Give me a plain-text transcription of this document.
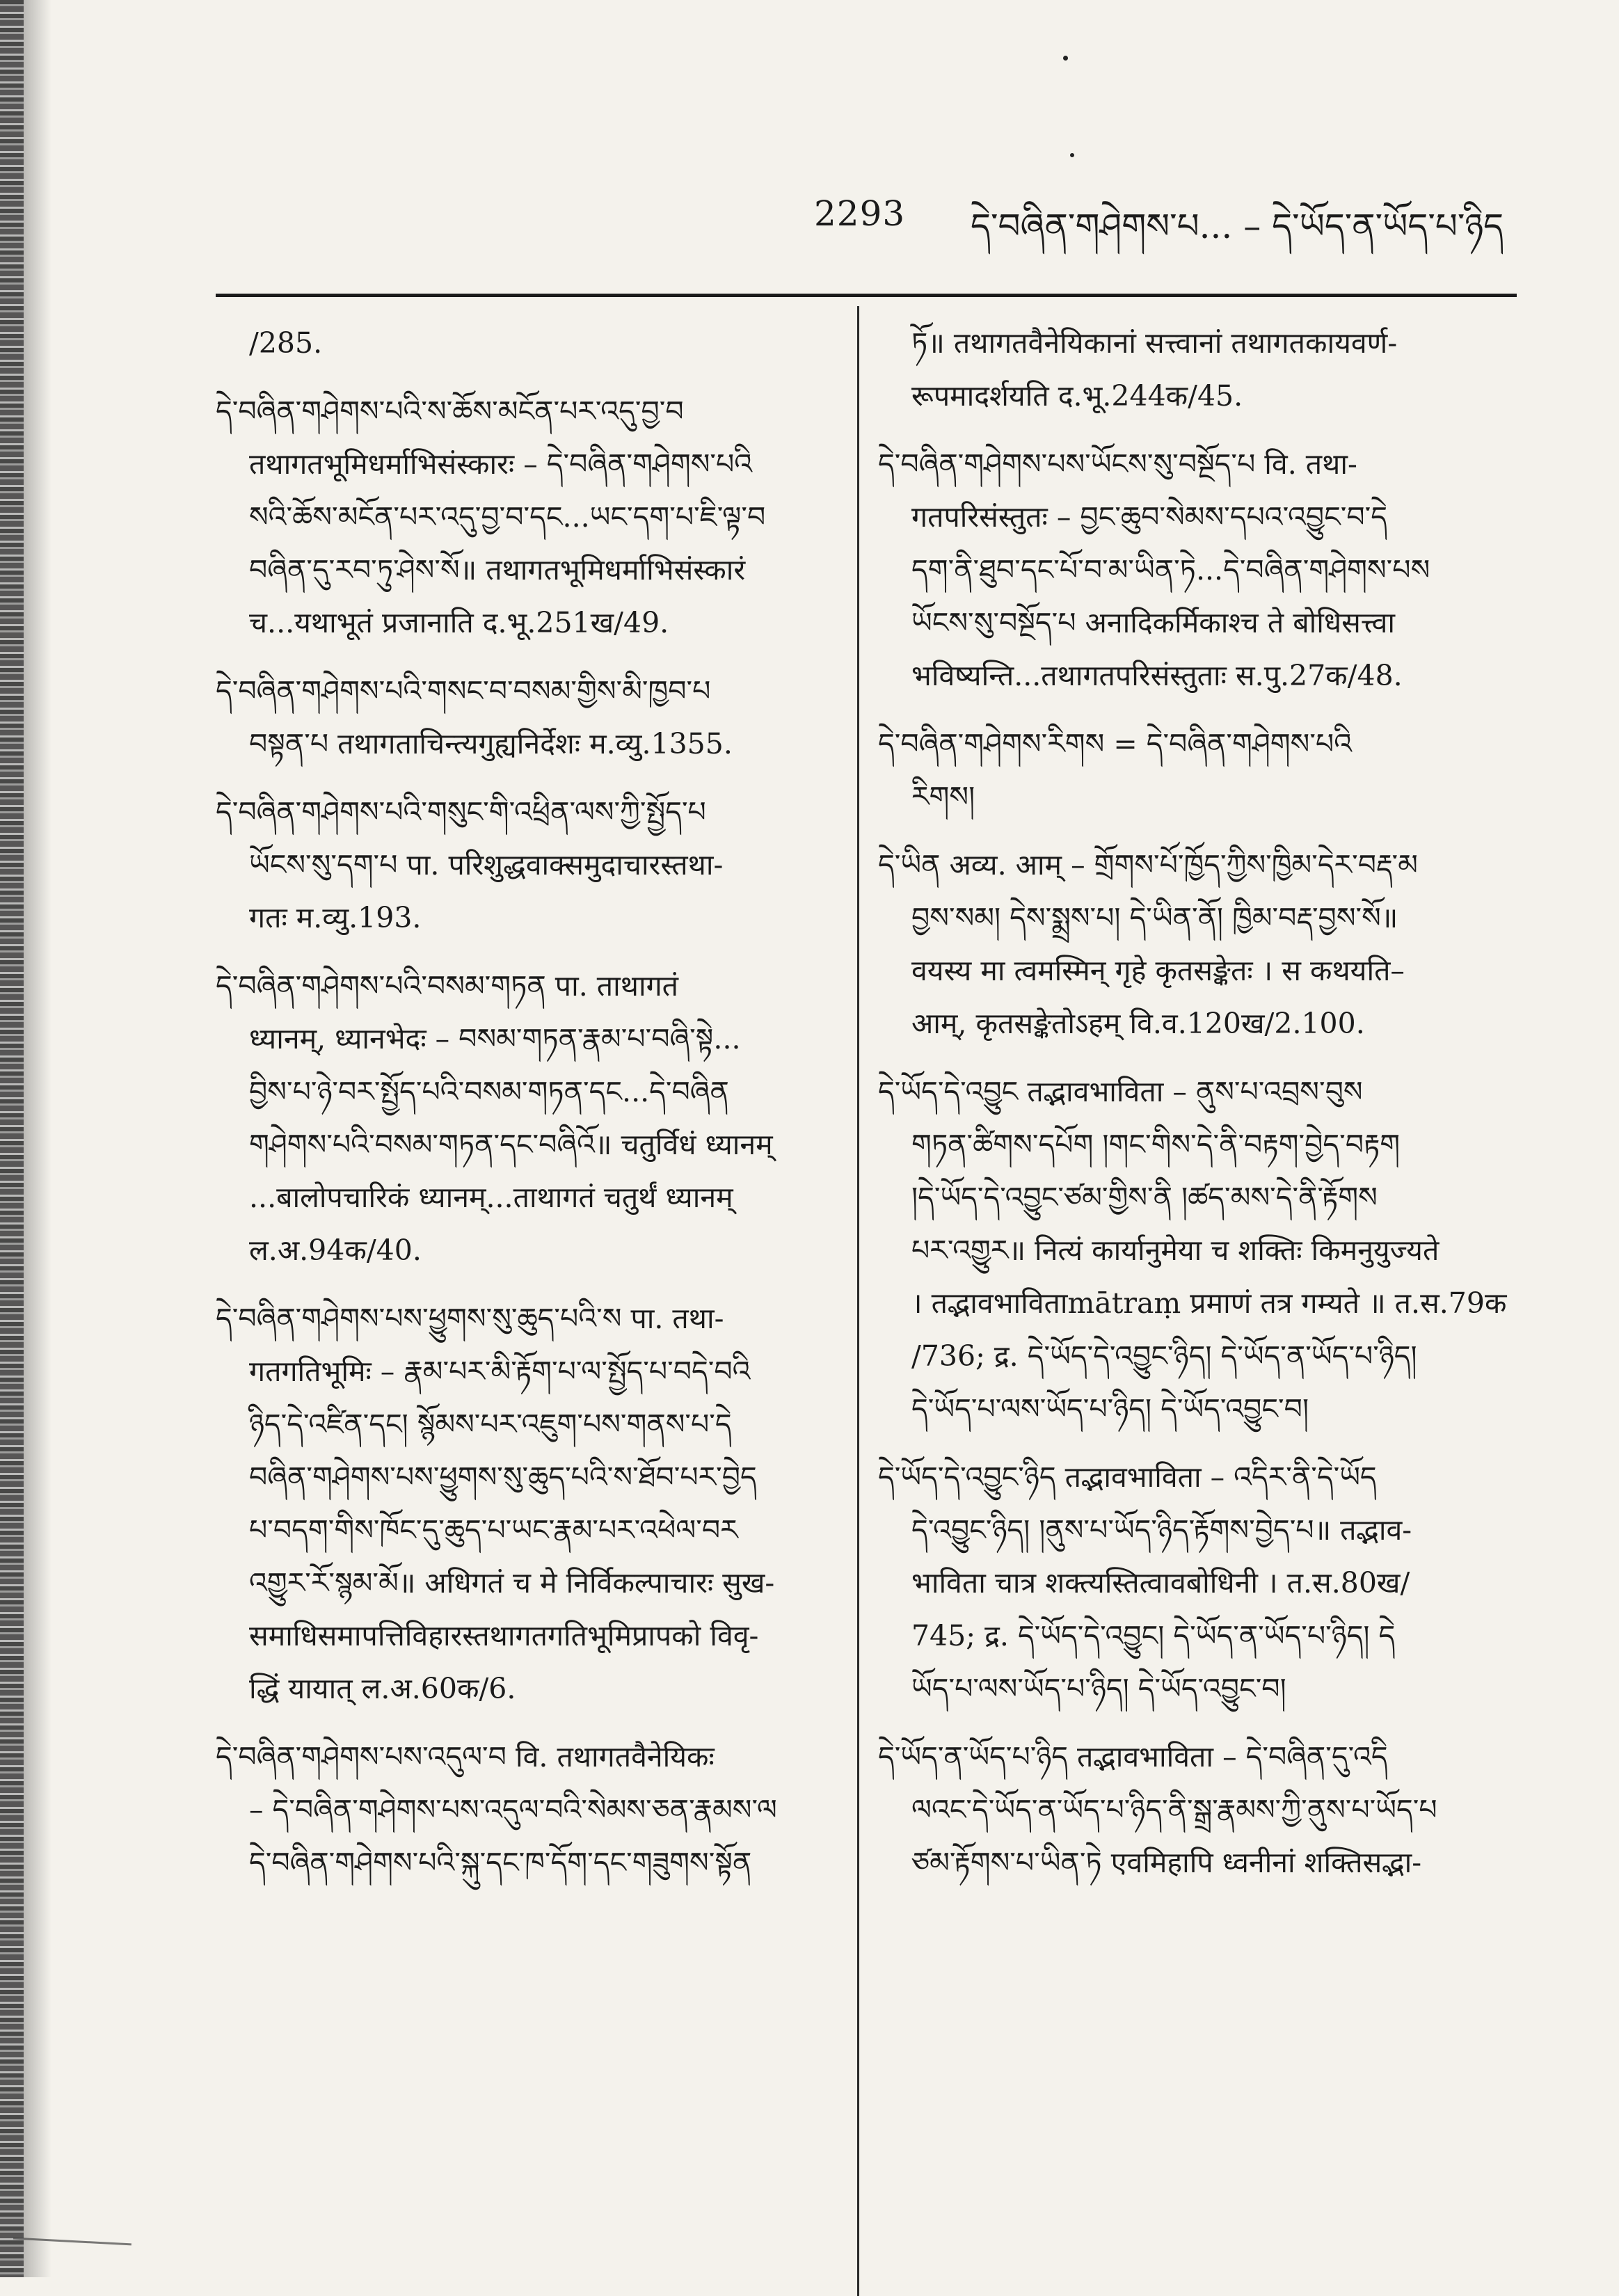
2293 དེ་བཞིན་གཤེགས་པ... – དེ་ཡོད་ན་ཡོད་པ་ཉིད

/285.

དེ་བཞིན་གཤེགས་པའི་ས་ཆོས་མངོན་པར་འདུ་བྱ་བ
तथागतभूमिधर्माभिसंस्कारः – དེ་བཞིན་གཤེགས་པའི
སའི་ཆོས་མངོན་པར་འདུ་བྱ་བ་དང...ཡང་དག་པ་ཇི་ལྟ་བ
བཞིན་དུ་རབ་ཏུ་ཤེས་སོ॥ तथागतभूमिधर्माभिसंस्कारं
च...यथाभूतं प्रजानाति द.भू.251ख/49.

དེ་བཞིན་གཤེགས་པའི་གསང་བ་བསམ་གྱིས་མི་ཁྱབ་པ
བསྟན་པ तथागताचिन्त्यगुह्यनिर्देशः म.व्यु.1355.

དེ་བཞིན་གཤེགས་པའི་གསུང་གི་འཕྲིན་ལས་ཀྱི་སྤྱོད་པ
ཡོངས་སུ་དག་པ पा. परिशुद्धवाक्समुदाचारस्तथा-
गतः म.व्यु.193.

དེ་བཞིན་གཤེགས་པའི་བསམ་གཏན पा. ताथागतं
ध्यानम्, ध्यानभेदः – བསམ་གཏན་རྣམ་པ་བཞི་སྟེ...
བྱིས་པ་ཉེ་བར་སྤྱོད་པའི་བསམ་གཏན་དང...དེ་བཞིན
གཤེགས་པའི་བསམ་གཏན་དང་བཞིའོ॥ चतुर्विधं ध्यानम्
...बालोपचारिकं ध्यानम्...ताथागतं चतुर्थं ध्यानम्
ल.अ.94क/40.

དེ་བཞིན་གཤེགས་པས་ཕྱུགས་སུ་ཆུད་པའི་ས पा. तथा-
गतगतिभूमिः – རྣམ་པར་མི་རྟོག་པ་ལ་སྤྱོད་པ་བདེ་བའི
ཉིད་དེ་འཛིན་དང། སྙོམས་པར་འཇུག་པས་གནས་པ་དེ
བཞིན་གཤེགས་པས་ཕྱུགས་སུ་ཆུད་པའི་ས་ཐོབ་པར་བྱེད
པ་བདག་གིས་ཁོང་དུ་ཆུད་པ་ཡང་རྣམ་པར་འཕེལ་བར
འགྱུར་རོ་སྙམ་མོ॥ अधिगतं च मे निर्विकल्पाचारः सुख-
समाधिसमापत्तिविहारस्तथागतगतिभूमिप्रापको विवृ-
द्धिं यायात् ल.अ.60क/6.

དེ་བཞིན་གཤེགས་པས་འདུལ་བ वि. तथागतवैनेयिकः
– དེ་བཞིན་གཤེགས་པས་འདུལ་བའི་སེམས་ཅན་རྣམས་ལ
དེ་བཞིན་གཤེགས་པའི་སྐུ་དང་ཁ་དོག་དང་གཟུགས་སྟོན

ཏོ॥ तथागतवैनेयिकानां सत्त्वानां तथागतकायवर्ण-
रूपमादर्शयति द.भू.244क/45.

དེ་བཞིན་གཤེགས་པས་ཡོངས་སུ་བསྔོད་པ वि. तथा-
गतपरिसंस्तुतः – བྱང་ཆུབ་སེམས་དཔའ་འབྱུང་བ་དེ
དག་ནི་ཐུབ་དང་པོ་བ་མ་ཡིན་ཏེ...དེ་བཞིན་གཤེགས་པས
ཡོངས་སུ་བསྔོད་པ अनादिकर्मिकाश्च ते बोधिसत्त्वा
भविष्यन्ति...तथागतपरिसंस्तुताः स.पु.27क/48.

དེ་བཞིན་གཤེགས་རིགས = དེ་བཞིན་གཤེགས་པའི
རིགས།

དེ་ཡིན अव्य. आम् – གྲོགས་པོ་ཁྱོད་ཀྱིས་ཁྱིམ་དེར་བརྡ་མ
བྱས་སམ། དེས་སྨྲས་པ། དེ་ཡིན་ནོ། ཁྱིམ་བརྡ་བྱས་སོ॥
वयस्य मा त्वमस्मिन् गृहे कृतसङ्केतः । स कथयति–
आम्, कृतसङ्केतोऽहम् वि.व.120ख/2.100.

དེ་ཡོད་དེ་འབྱུང तद्भावभाविता – ནུས་པ་འབྲས་བུས
གཏན་ཚིགས་དཔོག །གང་གིས་དེ་ནི་བརྟག་བྱེད་བརྟག
།དེ་ཡོད་དེ་འབྱུང་ཙམ་གྱིས་ནི །ཚད་མས་དེ་ནི་རྟོགས
པར་འགྱུར॥ नित्यं कार्यानुमेया च शक्तिः किमनुयुज्यते
। तद्भावभाविताmātraṃ प्रमाणं तत्र गम्यते ॥ त.स.79क
/736; द्र. དེ་ཡོད་དེ་འབྱུང་ཉིད། དེ་ཡོད་ན་ཡོད་པ་ཉིད།
དེ་ཡོད་པ་ལས་ཡོད་པ་ཉིད། དེ་ཡོད་འབྱུང་བ།

དེ་ཡོད་དེ་འབྱུང་ཉིད तद्भावभाविता – འདིར་ནི་དེ་ཡོད
དེ་འབྱུང་ཉིད། །ནུས་པ་ཡོད་ཉིད་རྟོགས་བྱེད་པ॥ तद्भाव-
भाविता चात्र शक्त्यस्तित्वावबोधिनी । त.स.80ख/
745; द्र. དེ་ཡོད་དེ་འབྱུང། དེ་ཡོད་ན་ཡོད་པ་ཉིད། དེ
ཡོད་པ་ལས་ཡོད་པ་ཉིད། དེ་ཡོད་འབྱུང་བ།

དེ་ཡོད་ན་ཡོད་པ་ཉིད तद्भावभाविता – དེ་བཞིན་དུ་འདི
ལའང་དེ་ཡོད་ན་ཡོད་པ་ཉིད་ནི་སྒྲ་རྣམས་ཀྱི་ནུས་པ་ཡོད་པ
ཙམ་རྟོགས་པ་ཡིན་ཏེ एवमिहापि ध्वनीनां शक्तिसद्भा-
